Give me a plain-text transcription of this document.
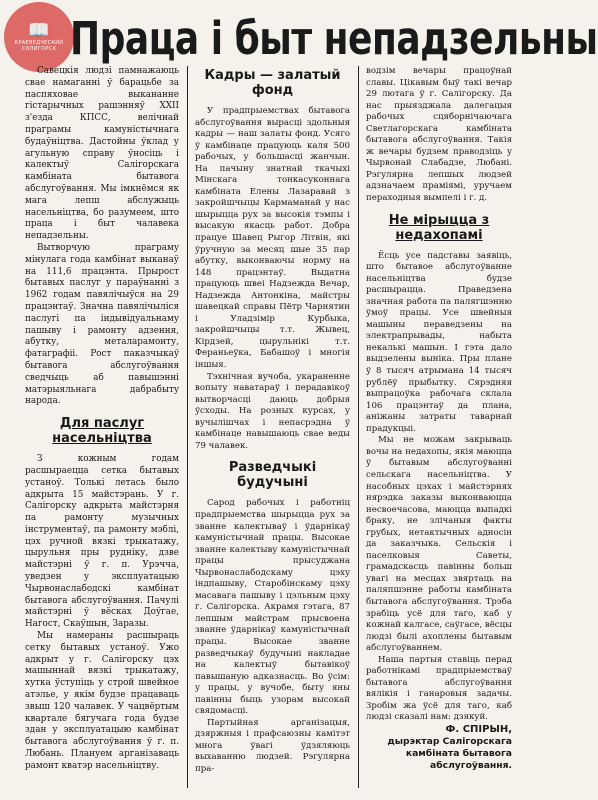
📖
КРАЕВЕДЧЕСКИЙ
СОЛИГОРСК Праца і быт непадзельны

Савецкія людзі памнажаюць свае намаганні ў барацьбе за паспяховае выкананне гістарычных рашэнняў XXII з'езда КПСС, велічнай праграмы камуністычнага будаўніцтва. Дастойны ўклад у агульную справу ўносіць і калектыў Салігорскага камбіната бытавога абслугоўвання. Мы імкнёмся як мага лепш абслужыць насельніцтва, бо разумеем, што праца і быт чалавека непадзельны.

Вытворчую праграму мінулага года камбінат выканаў на 111,6 працэнта. Прырост бытавых паслуг у параўнанні з 1962 годам павялічыўся на 29 працэнтаў. Значна павялічыліся паслугі па індывідуальнаму пашыву і рамонту адзення, абутку, металарамонту, фатаграфіі. Рост паказчыкаў бытавога абслугоўвання сведчыць аб павышэнні матэрыяльнага дабрабыту народа.

Для паслуг насельніцтва

З кожным годам расшыраецца сетка бытавых устаноў. Толькі летась было адкрыта 15 майстэрань. У г. Салігорску адкрыта майстэрня па рамонту музычных інструментаў, па рамонту мэблі, цэх ручной вязкі трыкатажу, цырульня пры рудніку, дзве майстэрні ў г. п. Урэчча, уведзен у эксплуатацыю Чырвонаслабодскі камбінат бытавога абслугоўвання. Пачулі майстэрні ў вёсках Доўгае, Нагост, Скаўшын, Заразы.

Мы намераны расшыраць сетку бытавых устаноў. Ужо адкрыт у г. Салігорску цэх машыннай вязкі трыкатажу, хутка ўступіць у строй швейное атэлье, у якім будзе працаваць звыш 120 чалавек. У чацвёртым квартале бягучага года будзе здан у эксплуатацыю камбінат бытавога абслугоўвання ў г. п. Любань. Плануем арганізаваць рамонт кватэр насельніцтву.

Кадры — залатый фонд

У прадпрыемствах бытавога абслугоўвання вырасці здольныя кадры — наш залаты фонд. Усяго ў камбінаце працуюць каля 500 рабочых, у большасці жанчын. На пачыну знатнай ткачыхі Мінскага тонкасуконнага камбіната Елены Лазаравай з закройшчыцы Кармаманай у нас шырыцца рух за высокія тэмпы і высакую якасць работ. Добра працуе Шавец Рыгор Літвін, які ўручную за месяц шые 35 пар абутку, выконваючы норму на 148 працэнтаў. Выдатна працуюць швеі Надзежда Вечар, Надзежда Антонкіна, майстры шавецкай справы Пётр Чарнятин і Уладзімір Курбыка, закройшчыцы т.т. Жывец, Кірдзей, цырульнікі т.т. Фераньеўка, Бабашоў і многія іншыя.

Тэхнічная вучоба, укараненне вопыту наватараў і перадавікоў вытворчасці даюць добрыя ўсходы. На розных курсах, у вучылішчах і непасрэдна ў камбінаце навышаюць свае веды 79 чалавек.

Разведчыкі будучыні

Сарод рабочых і работніц прадпрыемства шырыцца рух за званне калектываў і ўдарнікаў камуністычнай працы. Высокае званне калектыву камуністычнай працы прысуджана Чырвонаслабодскаму цэху індпашыву, Старобінскаму цэху масавага пашыву і цэльным цэху г. Салігорска. Акрамя гэтага, 87 лепшым майстрам прысвоена званне ўдарнікаў камуністычнай працы. Высокае званне разведчыкаў будучыні накладае на калектыў бытавікоў павышаную адказнасць. Во ўсім: у працы, у вучобе, быту яны павінны быць узорам высокай свядомасці.

Партыйная арганізацыя, дзяржныя і прафсаюзны камітэт многа ўвагі ўдзяляюць выхаванню людзей. Рэгулярна пра-

водзім вечары працоўнай славы. Цікавым быў такі вечар 29 лютага ў г. Салігорску. Да нас прыязджала далегацыя рабочых сцяборнічаючага Светлагорскага камбіната бытавога абслугоўвання. Такія ж вечары будзем праводзіць у Чырвонай Слабадзе, Любані. Рэгулярна лепшых людзей адзначаем праміямі, уручаем пераходныя вымпелі і г. д.

Не мірыцца з недахопамі

Ёсць усе падставы заявіць, што бытавое абслугоўванне насельніцтва будзе расшырацца. Праведзена значная работа па палягшэнню ўмоў працы. Усе швейныя машыны пераведзены на электрапрывады, набыта некалькі машын. І гэта дало выдзелены выніка. Пры плане ў 8 тысяч атрымана 14 тысяч рублёў прыбытку. Сярэдняя выпрацоўка рабочага склала 106 працэнтаў да плана, аніжаны затраты таварнай прадукцыі.

Мы не можам закрываць вочы на недахопы, якія маюцца ў бытавым абслугоўванні сельскага насельніцтва. У насобных цэхах і майстэрнях нярэдка заказы выконваюцца несвоечасова, маюцца выпадкі браку, не злічаныя факты грубых, нетактычных адносін да заказчыка. Сельскія і паселковыя Саветы, грамадскасць павінны больш увагі на месцах звяртаць на паляпшэнне работы камбіната бытавога абслугоўвання. Трэба зрабіць усё для таго, каб у кожнай калгасе, саўгасе, вёсцы людзі былі ахоплены бытавым абслугоўваннем.

Нашa партыя ставіць перад работнікамі прадпрыемстваў бытавога абслугоўвання вялікія і ганаровыя задачы. Зробім жа ўсё для таго, каб людзі сказалі нам: дзякуй.

Ф. СПІРЫН,
дырэктар Салігорскага камбіната бытавога абслугоўвання.
